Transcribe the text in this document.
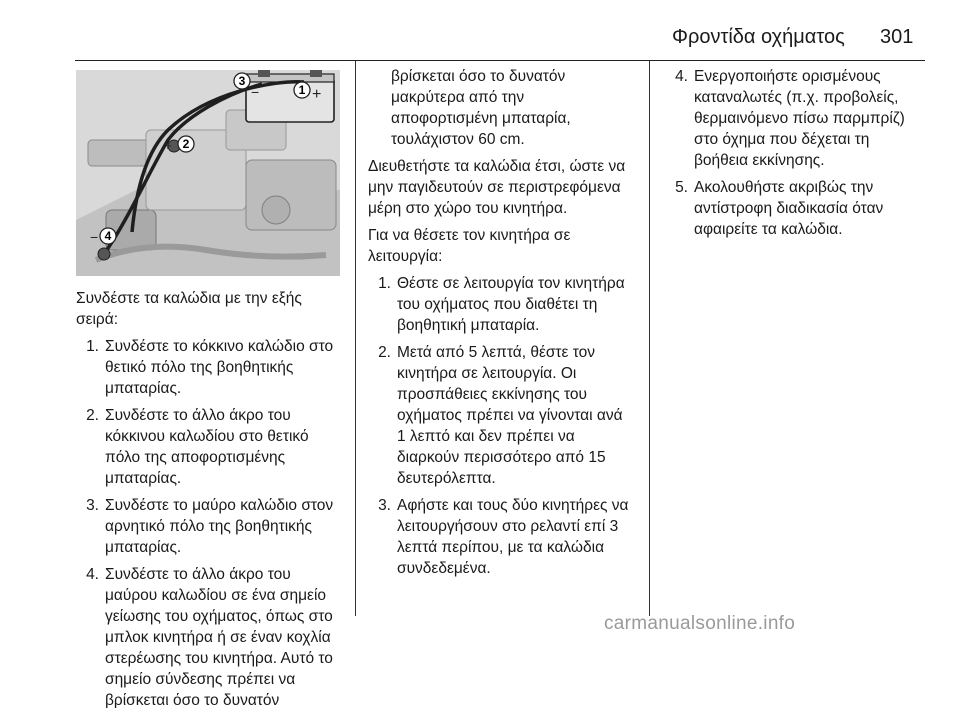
Φροντίδα οχήματος 301
−	+
+
−
1
2
3
4

Συνδέστε τα καλώδια με την εξής σειρά:

1. Συνδέστε το κόκκινο καλώδιο στο θετικό πόλο της βοηθητικής μπαταρίας.
2. Συνδέστε το άλλο άκρο του κόκκινου καλωδίου στο θετικό πόλο της αποφορτισμένης μπαταρίας.
3. Συνδέστε το μαύρο καλώδιο στον αρνητικό πόλο της βοηθητικής μπαταρίας.
4. Συνδέστε το άλλο άκρο του μαύρου καλωδίου σε ένα σημείο γείωσης του οχήματος, όπως στο μπλοκ κινητήρα ή σε έναν κοχλία στερέωσης του κινητήρα. Αυτό το σημείο σύνδεσης πρέπει να βρίσκεται όσο το δυνατόν
βρίσκεται όσο το δυνατόν μακρύτερα από την αποφορτισμένη μπαταρία, τουλάχιστον 60 cm.

Διευθετήστε τα καλώδια έτσι, ώστε να μην παγιδευτούν σε περιστρεφόμενα μέρη στο χώρο του κινητήρα.

Για να θέσετε τον κινητήρα σε λειτουργία:

1. Θέστε σε λειτουργία τον κινητήρα του οχήματος που διαθέτει τη βοηθητική μπαταρία.
2. Μετά από 5 λεπτά, θέστε τον κινητήρα σε λειτουργία. Οι προσπάθειες εκκίνησης του οχήματος πρέπει να γίνονται ανά 1 λεπτό και δεν πρέπει να διαρκούν περισσότερο από 15 δευτερόλεπτα.
3. Αφήστε και τους δύο κινητήρες να λειτουργήσουν στο ρελαντί επί 3 λεπτά περίπου, με τα καλώδια συνδεδεμένα.
4. Ενεργοποιήστε ορισμένους καταναλωτές (π.χ. προβολείς, θερμαινόμενο πίσω παρμπρίζ) στο όχημα που δέχεται τη βοήθεια εκκίνησης.
5. Ακολουθήστε ακριβώς την αντίστροφη διαδικασία όταν αφαιρείτε τα καλώδια.
carmanualsonline.info
